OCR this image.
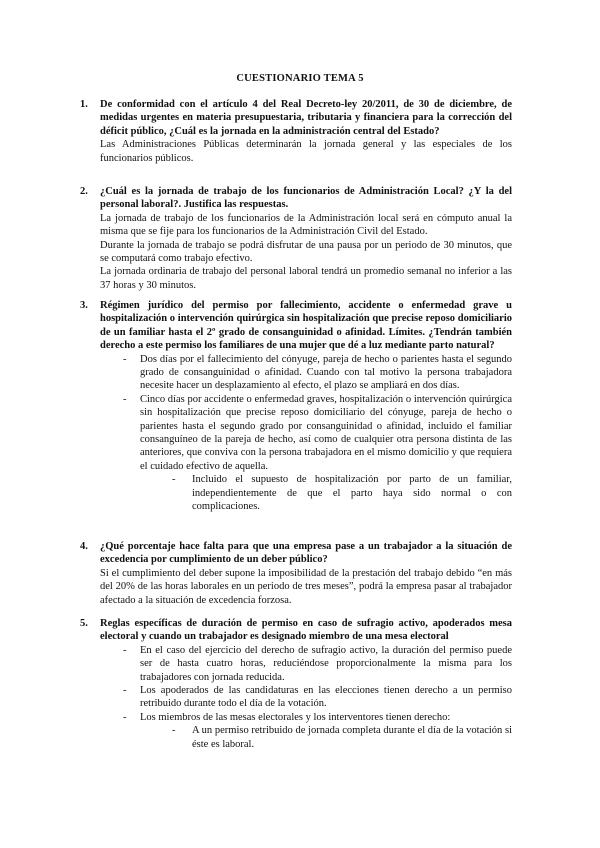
CUESTIONARIO TEMA 5
1. De conformidad con el artículo 4 del Real Decreto-ley 20/2011, de 30 de diciembre, de medidas urgentes en materia presupuestaria, tributaria y financiera para la corrección del déficit público, ¿Cuál es la jornada en la administración central del Estado?
Las Administraciones Públicas determinarán la jornada general y las especiales de los funcionarios públicos.
2. ¿Cuál es la jornada de trabajo de los funcionarios de Administración Local? ¿Y la del personal laboral?. Justifica las respuestas.
La jornada de trabajo de los funcionarios de la Administración local será en cómputo anual la misma que se fije para los funcionarios de la Administración Civil del Estado.
Durante la jornada de trabajo se podrá disfrutar de una pausa por un periodo de 30 minutos, que se computará como trabajo efectivo.
La jornada ordinaria de trabajo del personal laboral tendrá un promedio semanal no inferior a las 37 horas y 30 minutos.
3. Régimen jurídico del permiso por fallecimiento, accidente o enfermedad grave u hospitalización o intervención quirúrgica sin hospitalización que precise reposo domiciliario de un familiar hasta el 2º grado de consanguinidad o afinidad. Límites. ¿Tendrán también derecho a este permiso los familiares de una mujer que dé a luz mediante parto natural?
- Dos días por el fallecimiento del cónyuge, pareja de hecho o parientes hasta el segundo grado de consanguinidad o afinidad. Cuando con tal motivo la persona trabajadora necesite hacer un desplazamiento al efecto, el plazo se ampliará en dos días.
- Cinco días por accidente o enfermedad graves, hospitalización o intervención quirúrgica sin hospitalización que precise reposo domiciliario del cónyuge, pareja de hecho o parientes hasta el segundo grado por consanguinidad o afinidad, incluido el familiar consanguíneo de la pareja de hecho, así como de cualquier otra persona distinta de las anteriores, que conviva con la persona trabajadora en el mismo domicilio y que requiera el cuidado efectivo de aquella.
- Incluido el supuesto de hospitalización por parto de un familiar, independientemente de que el parto haya sido normal o con complicaciones.
4. ¿Qué porcentaje hace falta para que una empresa pase a un trabajador a la situación de excedencia por cumplimiento de un deber público?
Si el cumplimiento del deber supone la imposibilidad de la prestación del trabajo debido “en más del 20% de las horas laborales en un periodo de tres meses”, podrá la empresa pasar al trabajador afectado a la situación de excedencia forzosa.
5. Reglas específicas de duración de permiso en caso de sufragio activo, apoderados mesa electoral y cuando un trabajador es designado miembro de una mesa electoral
- En el caso del ejercicio del derecho de sufragio activo, la duración del permiso puede ser de hasta cuatro horas, reduciéndose proporcionalmente la misma para los trabajadores con jornada reducida.
- Los apoderados de las candidaturas en las elecciones tienen derecho a un permiso retribuido durante todo el día de la votación.
- Los miembros de las mesas electorales y los interventores tienen derecho:
- A un permiso retribuido de jornada completa durante el día de la votación si éste es laboral.
